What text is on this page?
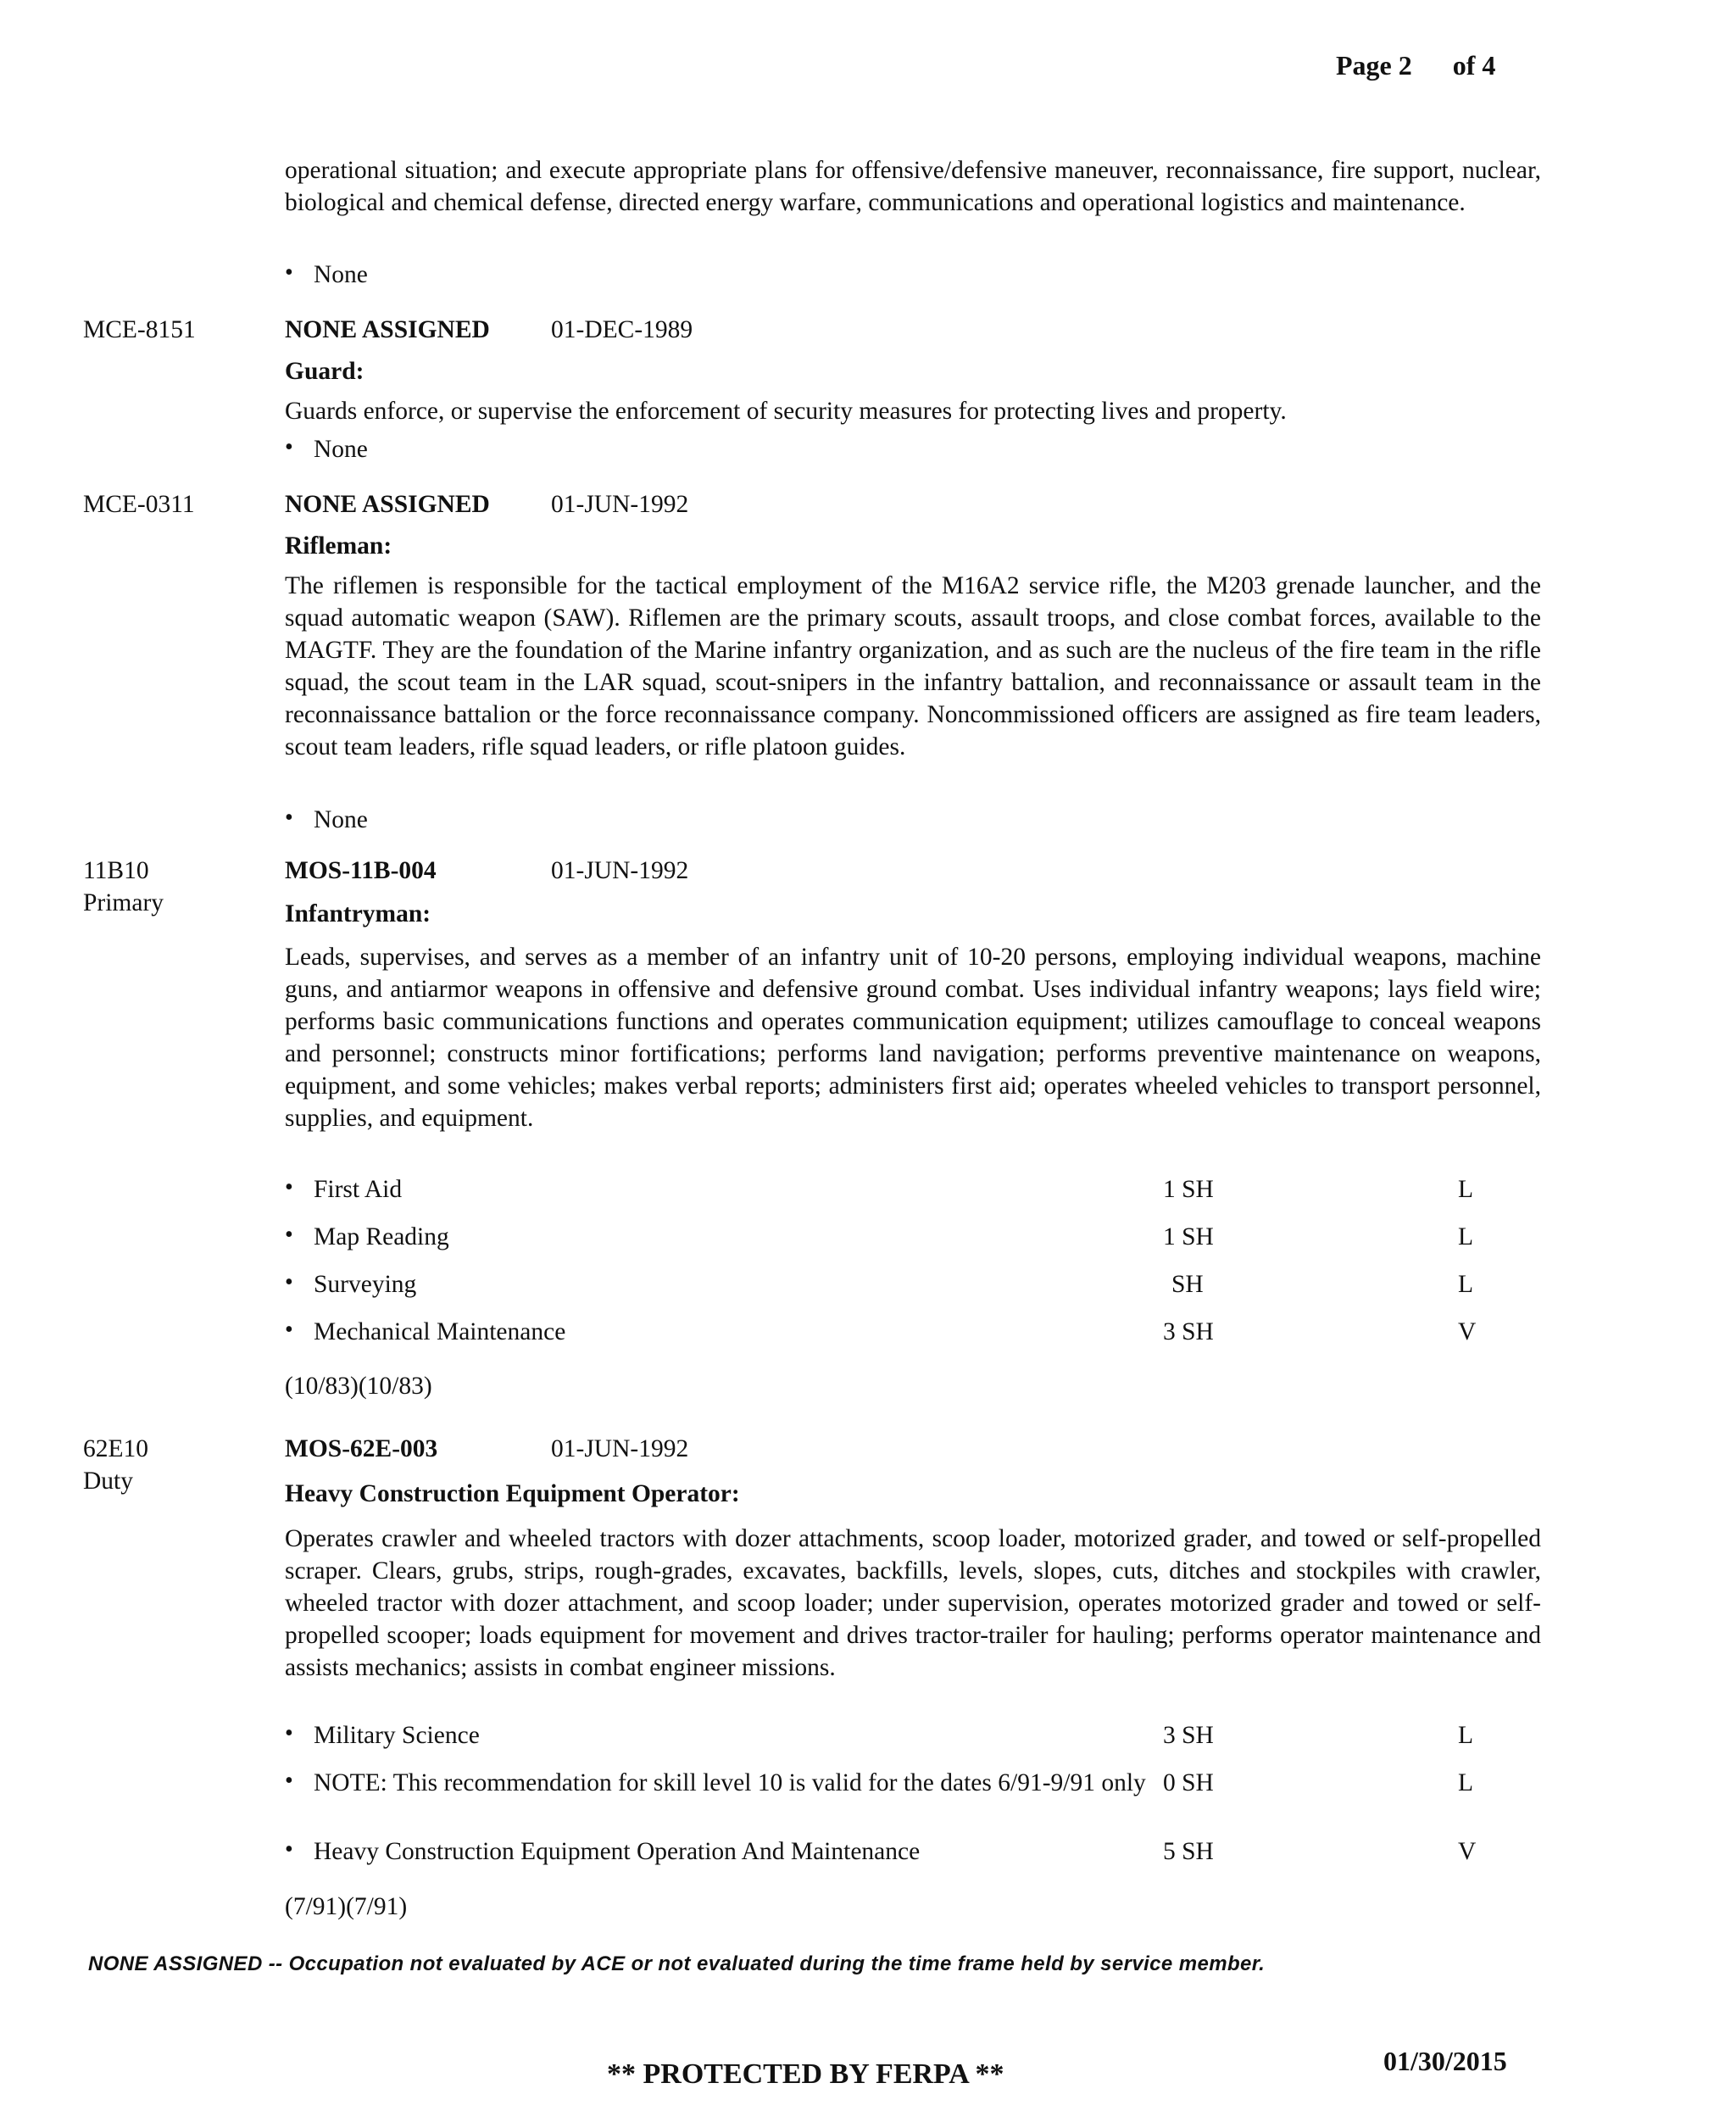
Page 2 of 4
operational situation; and execute appropriate plans for offensive/defensive maneuver, reconnaissance, fire support, nuclear, biological and chemical defense, directed energy warfare, communications and operational logistics and maintenance.
• None
MCE-8151	NONE ASSIGNED 01-DEC-1989
Guard:
Guards enforce, or supervise the enforcement of security measures for protecting lives and property.
• None
MCE-0311	NONE ASSIGNED 01-JUN-1992
Rifleman:
The riflemen is responsible for the tactical employment of the M16A2 service rifle, the M203 grenade launcher, and the squad automatic weapon (SAW). Riflemen are the primary scouts, assault troops, and close combat forces, available to the MAGTF. They are the foundation of the Marine infantry organization, and as such are the nucleus of the fire team in the rifle squad, the scout team in the LAR squad, scout-snipers in the infantry battalion, and reconnaissance or assault team in the reconnaissance battalion or the force reconnaissance company. Noncommissioned officers are assigned as fire team leaders, scout team leaders, rifle squad leaders, or rifle platoon guides.
• None
11B10
Primary
MOS-11B-004	01-JUN-1992
Infantryman:
Leads, supervises, and serves as a member of an infantry unit of 10-20 persons, employing individual weapons, machine guns, and antiarmor weapons in offensive and defensive ground combat. Uses individual infantry weapons; lays field wire; performs basic communications functions and operates communication equipment; utilizes camouflage to conceal weapons and personnel; constructs minor fortifications; performs land navigation; performs preventive maintenance on weapons, equipment, and some vehicles; makes verbal reports; administers first aid; operates wheeled vehicles to transport personnel, supplies, and equipment.
• First Aid	1 SH	L
• Map Reading	1 SH	L
• Surveying	SH	L
• Mechanical Maintenance	3 SH	V
(10/83)(10/83)
62E10
Duty
MOS-62E-003	01-JUN-1992
Heavy Construction Equipment Operator:
Operates crawler and wheeled tractors with dozer attachments, scoop loader, motorized grader, and towed or self-propelled scraper. Clears, grubs, strips, rough-grades, excavates, backfills, levels, slopes, cuts, ditches and stockpiles with crawler, wheeled tractor with dozer attachment, and scoop loader; under supervision, operates motorized grader and towed or self-propelled scooper; loads equipment for movement and drives tractor-trailer for hauling; performs operator maintenance and assists mechanics; assists in combat engineer missions.
• Military Science	3 SH	L
• NOTE: This recommendation for skill level 10 is valid for the dates 6/91-9/91 only 0 SH	L
• Heavy Construction Equipment Operation And Maintenance	5 SH	V
(7/91)(7/91)
NONE ASSIGNED -- Occupation not evaluated by ACE or not evaluated during the time frame held by service member.
** PROTECTED BY FERPA **	01/30/2015
